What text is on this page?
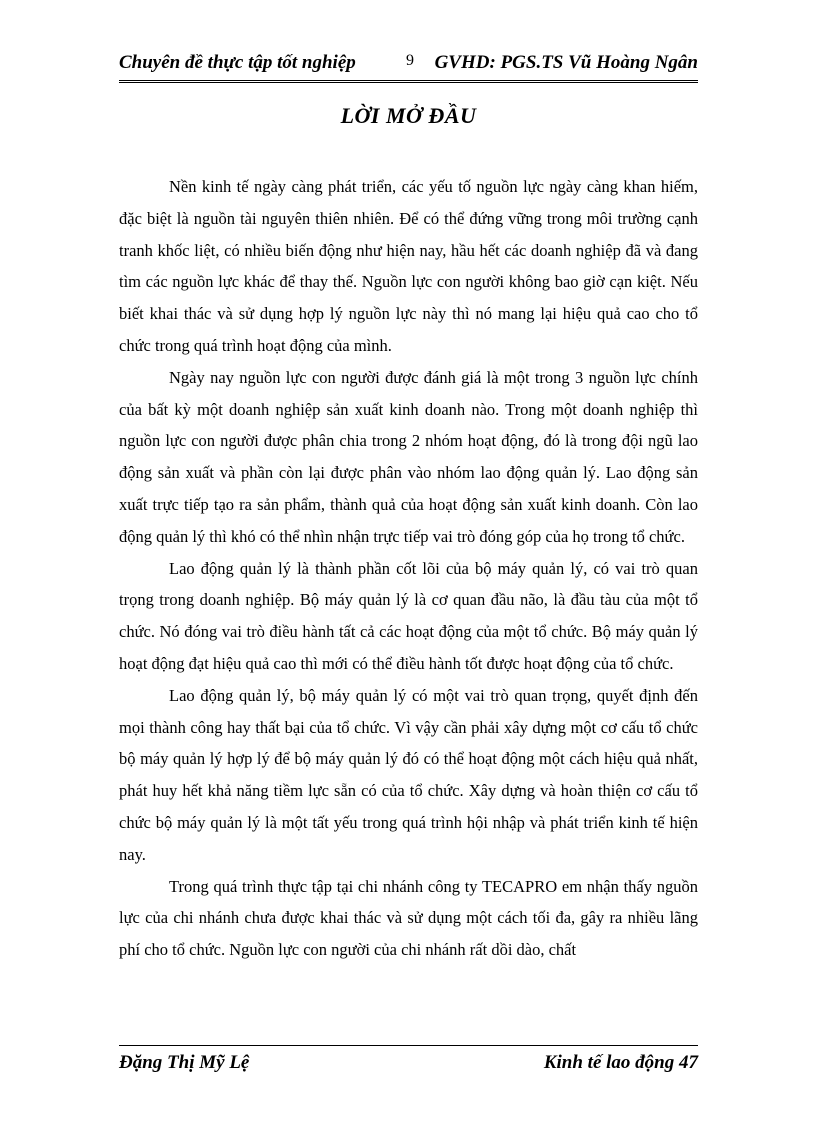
Chuyên đề thực tập tốt nghiệp	9 GVHD: PGS.TS Vũ Hoàng Ngân
LỜI MỞ ĐẦU

Nền kinh tế ngày càng phát triển, các yếu tố nguồn lực ngày càng khan hiếm, đặc biệt là nguồn tài nguyên thiên nhiên. Để có thể đứng vững trong môi trường cạnh tranh khốc liệt, có nhiều biến động như hiện nay, hầu hết các doanh nghiệp đã và đang tìm các nguồn lực khác để thay thế. Nguồn lực con người không bao giờ cạn kiệt. Nếu biết khai thác và sử dụng hợp lý nguồn lực này thì nó mang lại hiệu quả cao cho tổ chức trong quá trình hoạt động của mình.

Ngày nay nguồn lực con người được đánh giá là một trong 3 nguồn lực chính của bất kỳ một doanh nghiệp sản xuất kinh doanh nào. Trong một doanh nghiệp thì nguồn lực con người được phân chia trong 2 nhóm hoạt động, đó là trong đội ngũ lao động sản xuất và phần còn lại được phân vào nhóm lao động quản lý. Lao động sản xuất trực tiếp tạo ra sản phẩm, thành quả của hoạt động sản xuất kinh doanh. Còn lao động quản lý thì khó có thể nhìn nhận trực tiếp vai trò đóng góp của họ trong tổ chức.

Lao động quản lý là thành phần cốt lõi của bộ máy quản lý, có vai trò quan trọng trong doanh nghiệp. Bộ máy quản lý là cơ quan đầu não, là đầu tàu của một tổ chức. Nó đóng vai trò điều hành tất cả các hoạt động của một tổ chức. Bộ máy quản lý hoạt động đạt hiệu quả cao thì mới có thể điều hành tốt được hoạt động của tổ chức.

Lao động quản lý, bộ máy quản lý có một vai trò quan trọng, quyết định đến mọi thành công hay thất bại của tổ chức. Vì vậy cần phải xây dựng một cơ cấu tổ chức bộ máy quản lý hợp lý để bộ máy quản lý đó có thể hoạt động một cách hiệu quả nhất, phát huy hết khả năng tiềm lực sẵn có của tổ chức. Xây dựng và hoàn thiện cơ cấu tổ chức bộ máy quản lý là một tất yếu trong quá trình hội nhập và phát triển kinh tế hiện nay.

Trong quá trình thực tập tại chi nhánh công ty TECAPRO em nhận thấy nguồn lực của chi nhánh chưa được khai thác và sử dụng một cách tối đa, gây ra nhiều lãng phí cho tổ chức. Nguồn lực con người của chi nhánh rất dồi dào, chất

Đặng Thị Mỹ Lệ	Kinh tế lao động 47
